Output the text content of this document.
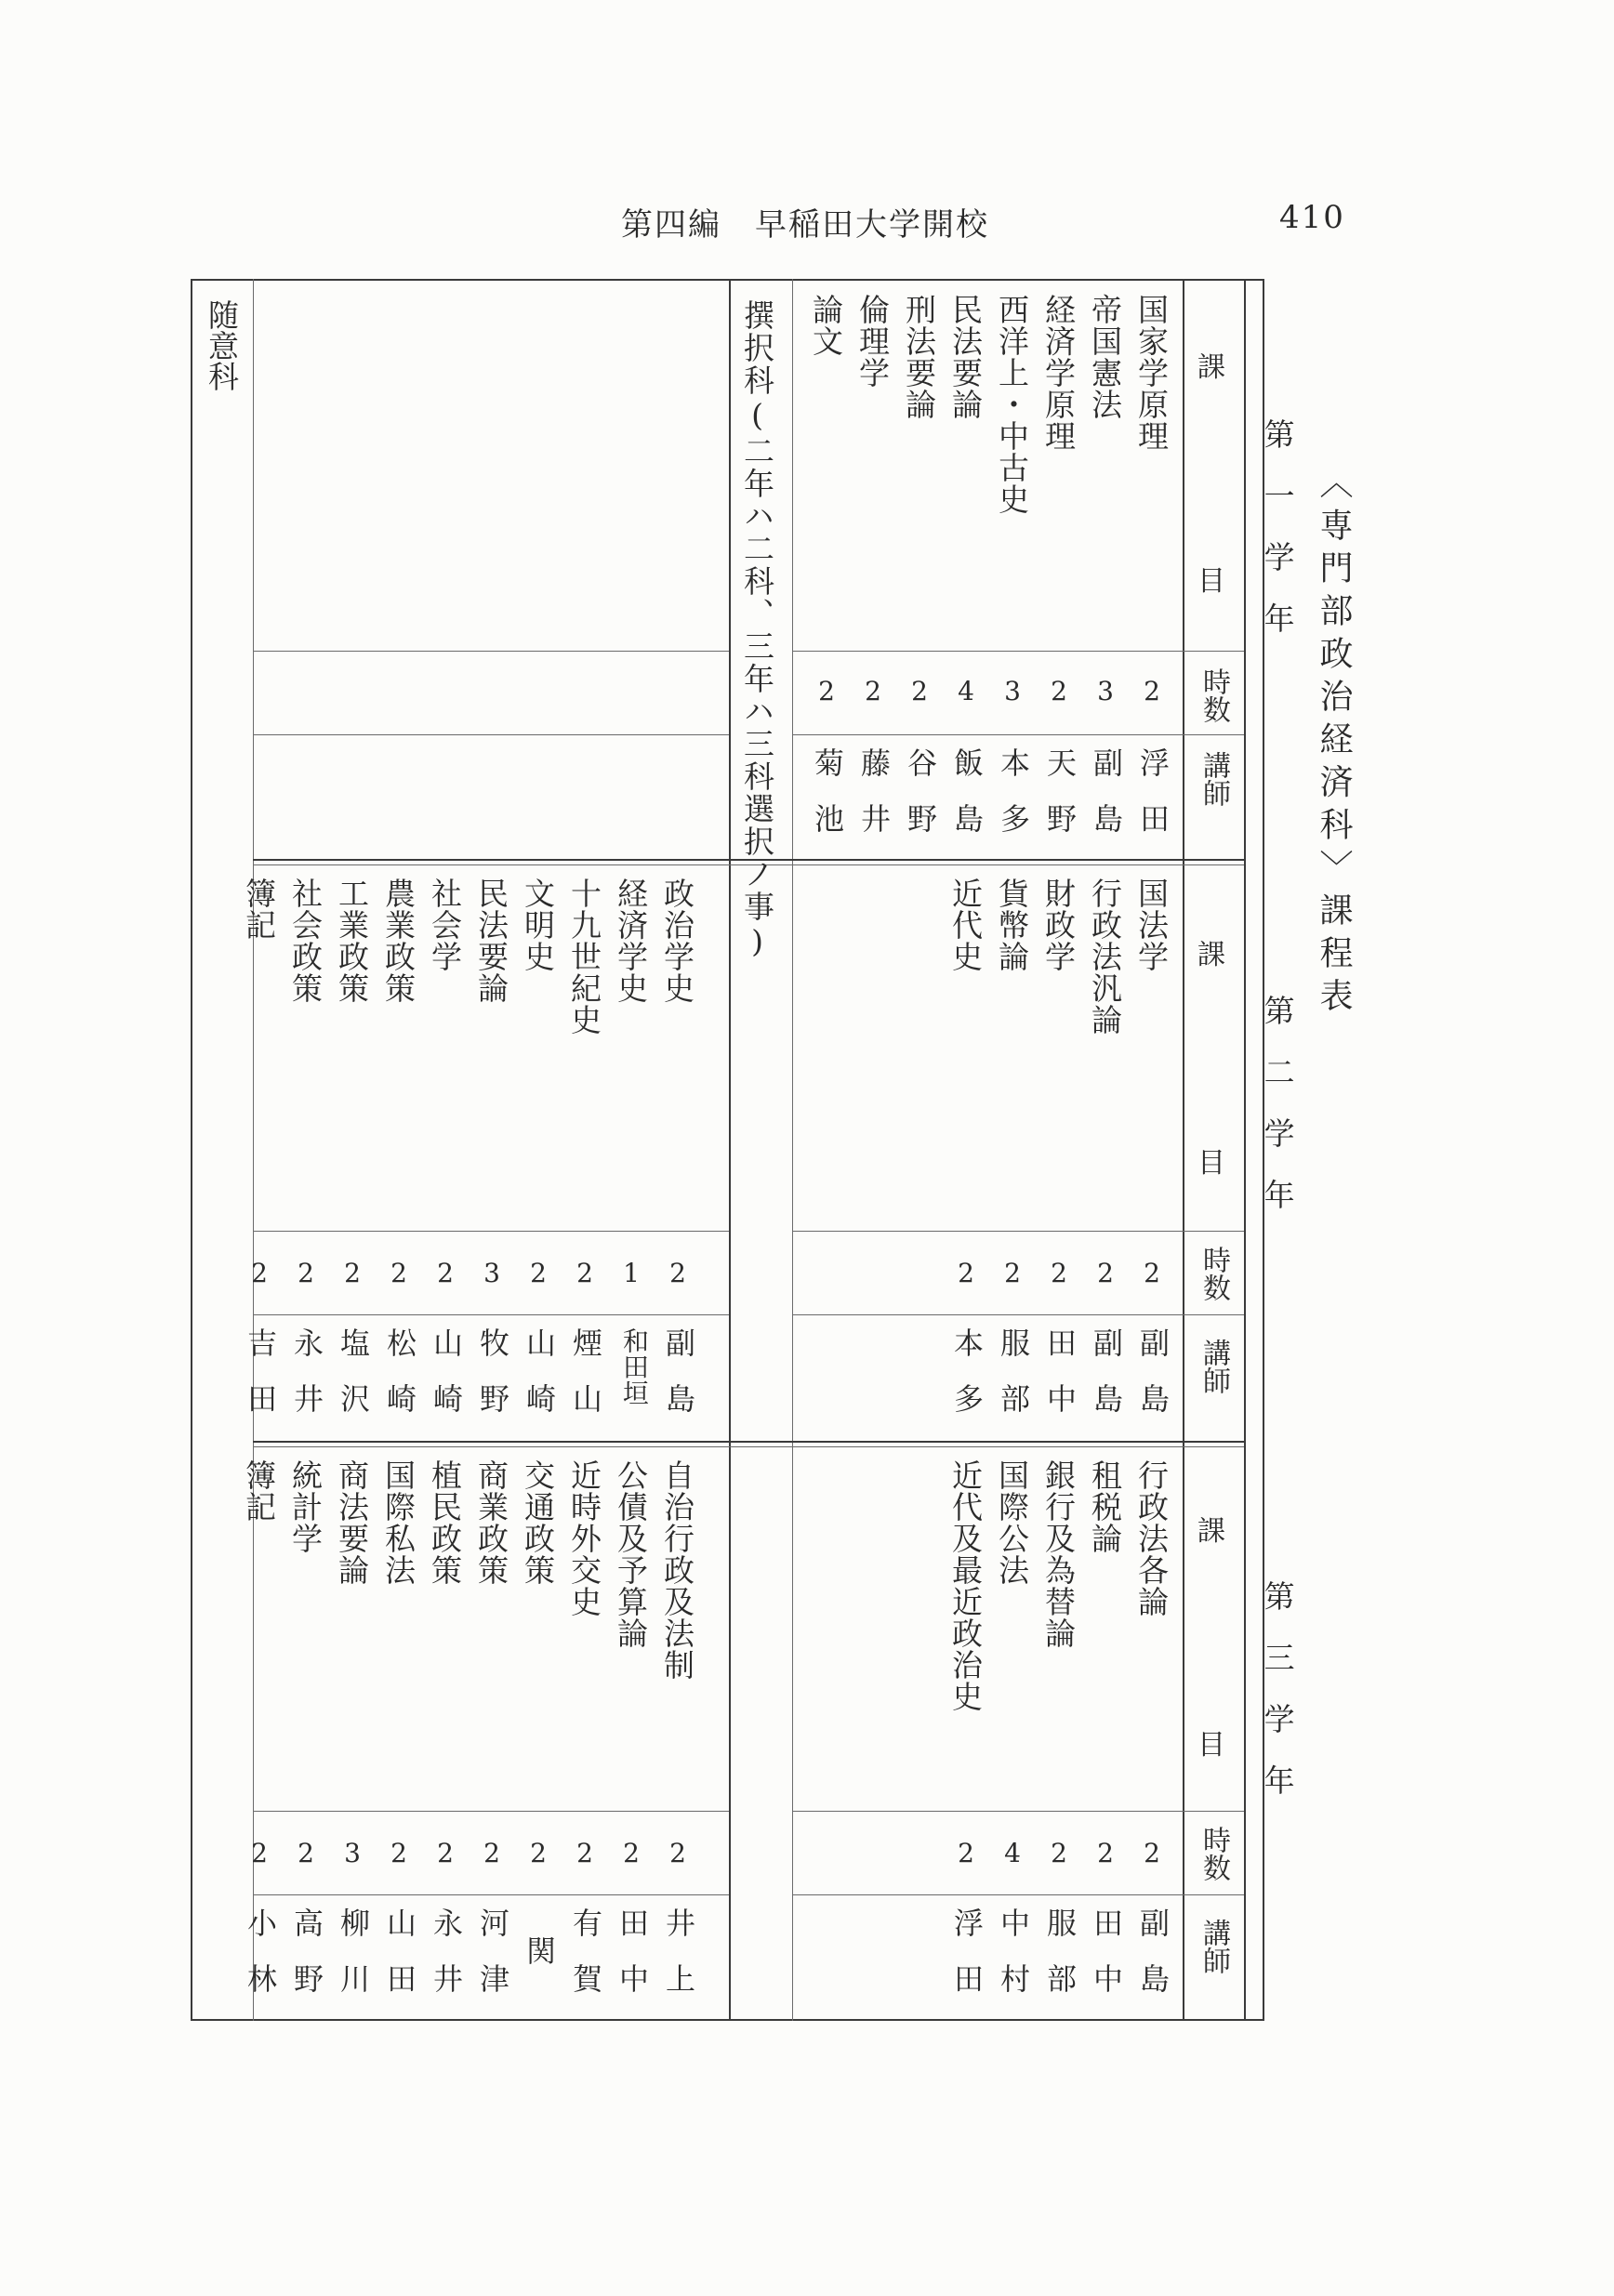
第四編　早稲田大学開校	410
〈専門部政治経済科〉課程表
第　一　学　年
第　二　学　年
第　三　学　年
課
目
時数
講師
課
目
時数
講師
課
目
時数
講師
撰択科(二年ハ二科、三年ハ三科選択ノ事)
随意科	国家学原理
2
浮田
帝国憲法
3
副島
経済学原理
2
天野
西洋上・中古史
3
本多
民法要論
4
飯島
刑法要論
2
谷野
倫理学
2
藤井
論文
2
菊池
国法学
2
副島
行政法汎論
2
副島
財政学
2
田中
貨幣論
2
服部
近代史
2
本多
政治学史
2
副島
経済学史
1
和田垣
十九世紀史
2
煙山
文明史
2
山崎
民法要論
3
牧野
社会学
2
山崎
農業政策
2
松崎
工業政策
2
塩沢
社会政策
2
永井
簿記
2
吉田
行政法各論
2
副島
租税論
2
田中
銀行及為替論
2
服部
国際公法
4
中村
近代及最近政治史
2
浮田
自治行政及法制
2
井上
公債及予算論
2
田中
近時外交史
2
有賀
交通政策
2
関
商業政策
2
河津
植民政策
2
永井
国際私法
2
山田
商法要論
3
柳川
統計学
2
高野
簿記
2
小林
